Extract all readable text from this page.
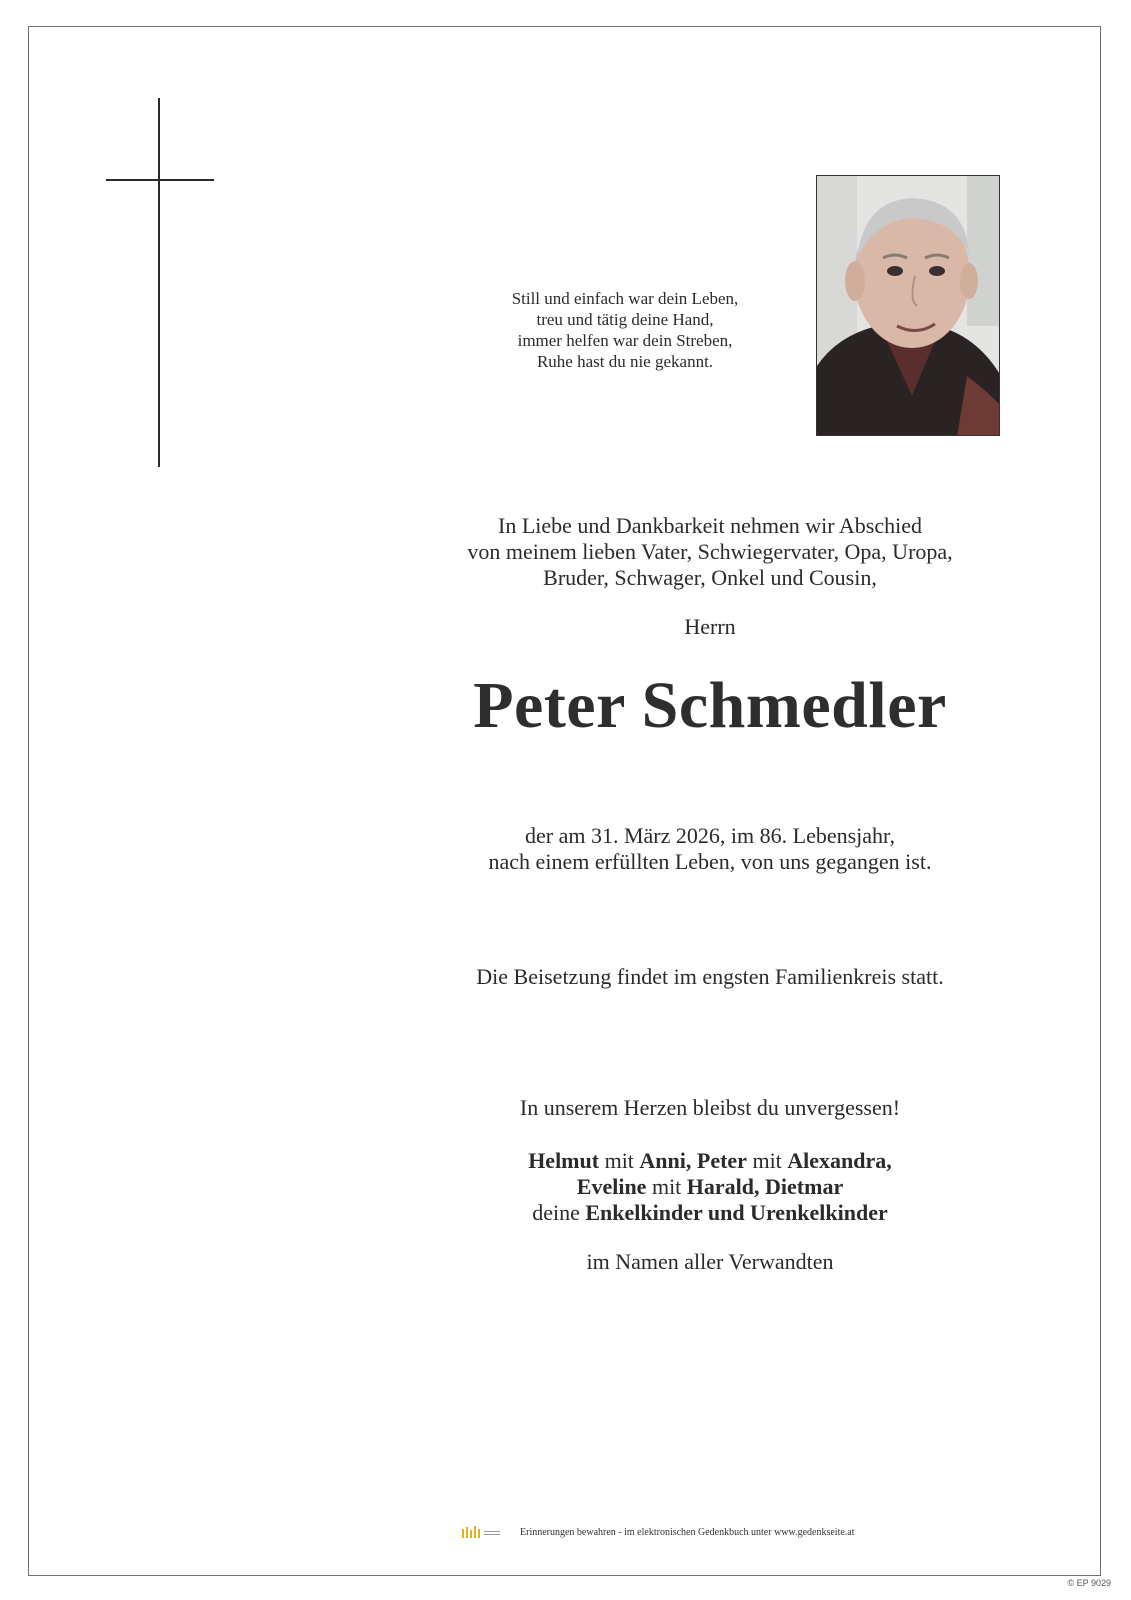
Still und einfach war dein Leben,
treu und tätig deine Hand,
immer helfen war dein Streben,
Ruhe hast du nie gekannt.
In Liebe und Dankbarkeit nehmen wir Abschied
von meinem lieben Vater, Schwiegervater, Opa, Uropa,
Bruder, Schwager, Onkel und Cousin,
Herrn
Peter Schmedler
der am 31. März 2026, im 86. Lebensjahr,
nach einem erfüllten Leben, von uns gegangen ist.
Die Beisetzung findet im engsten Familienkreis statt.
In unserem Herzen bleibst du unvergessen!
Helmut mit Anni, Peter mit Alexandra,
Eveline mit Harald, Dietmar
deine Enkelkinder und Urenkelkinder
im Namen aller Verwandten
Erinnerungen bewahren - im elektronischen Gedenkbuch unter www.gedenkseite.at
© EP 9029
